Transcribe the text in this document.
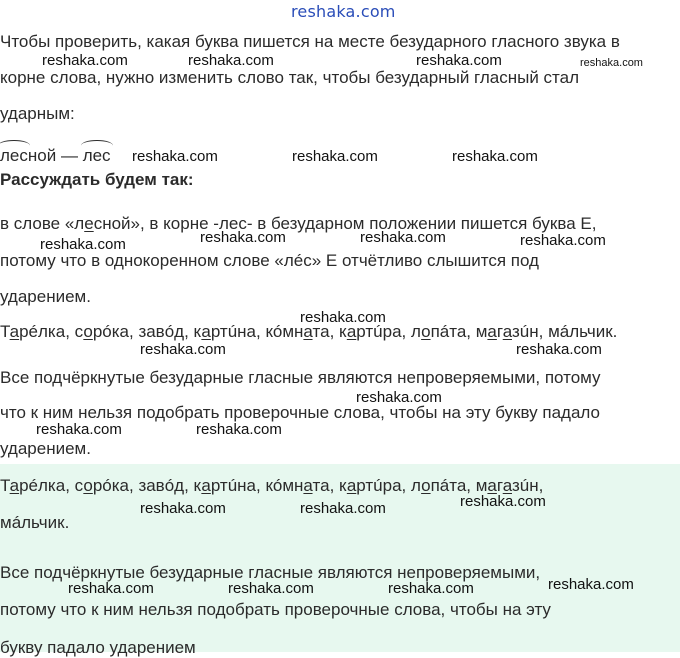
reshaka.com
Чтобы проверить, какая буква пишется на месте безударного гласного звука в
корне слова, нужно изменить слово так, чтобы безударный гласный стал
ударным:
лесной — лес
Рассуждать будем так:
в слове «лесной», в корне -лес- в безударном положении пишется буква Е,
потому что в однокоренном слове «лéс» Е отчётливо слышится под
ударением.
Тарéлка, сорóка, завóд, картúна, кóмната, картúра, лопáта, магазúн, мáльчик.
Все подчёркнутые безударные гласные являются непроверяемыми, потому
что к ним нельзя подобрать проверочные слова, чтобы на эту букву падало
ударением.
Тарéлка, сорóка, завóд, картúна, кóмната, картúра, лопáта, магазúн,
мáльчик.
Все подчёркнутые безударные гласные являются непроверяемыми,
потому что к ним нельзя подобрать проверочные слова, чтобы на эту
букву падало ударением
reshaka.com	reshaka.com	reshaka.com	reshaka.com
reshaka.com	reshaka.com	reshaka.com
reshaka.com	reshaka.com
reshaka.com	reshaka.com
reshaka.com
reshaka.com	reshaka.com
reshaka.com
reshaka.com	reshaka.com
reshaka.com
reshaka.com	reshaka.com
reshaka.com
reshaka.com	reshaka.com	reshaka.com
